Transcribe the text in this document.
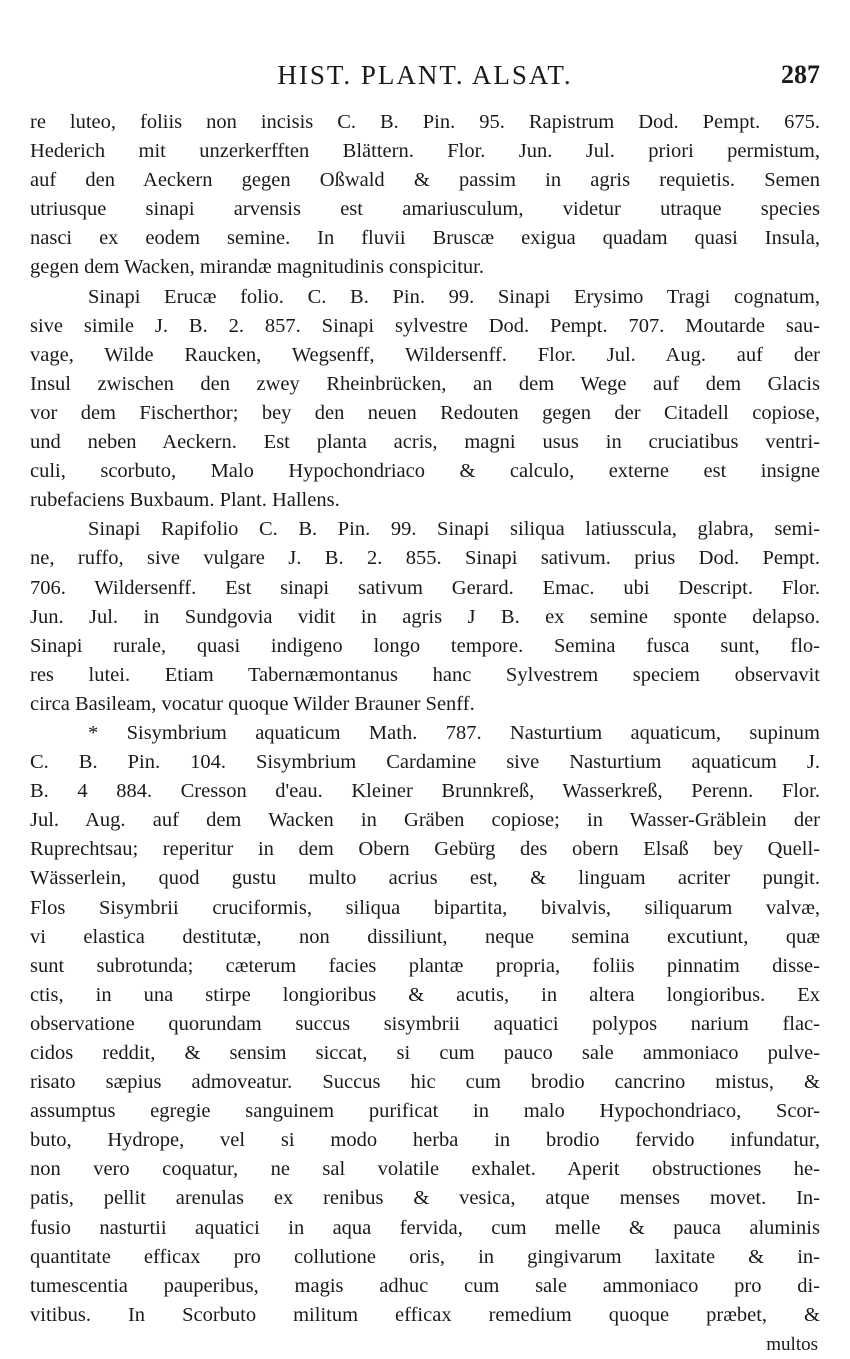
HIST. PLANT. ALSAT.	287
re luteo, foliis non incisis C. B. Pin. 95. Rapistrum Dod. Pempt. 675.
Hederich mit unzerkerfften Blättern. Flor. Jun. Jul. priori permistum,
auf den Aeckern gegen Oßwald & passim in agris requietis. Semen
utriusque sinapi arvensis est amariusculum, videtur utraque species
nasci ex eodem semine. In fluvii Bruscæ exigua quadam quasi Insula,
gegen dem Wacken, mirandæ magnitudinis conspicitur.
Sinapi Erucæ folio. C. B. Pin. 99. Sinapi Erysimo Tragi cognatum,
sive simile J. B. 2. 857. Sinapi sylvestre Dod. Pempt. 707. Moutarde sau-
vage, Wilde Raucken, Wegsenff, Wildersenff. Flor. Jul. Aug. auf der
Insul zwischen den zwey Rheinbrücken, an dem Wege auf dem Glacis
vor dem Fischerthor; bey den neuen Redouten gegen der Citadell copiose,
und neben Aeckern. Est planta acris, magni usus in cruciatibus ventri-
culi, scorbuto, Malo Hypochondriaco & calculo, externe est insigne
rubefaciens Buxbaum. Plant. Hallens.
Sinapi Rapifolio C. B. Pin. 99. Sinapi siliqua latiusscula, glabra, semi-
ne, ruffo, sive vulgare J. B. 2. 855. Sinapi sativum. prius Dod. Pempt.
706. Wildersenff. Est sinapi sativum Gerard. Emac. ubi Descript. Flor.
Jun. Jul. in Sundgovia vidit in agris J B. ex semine sponte delapso.
Sinapi rurale, quasi indigeno longo tempore. Semina fusca sunt, flo-
res lutei. Etiam Tabernæmontanus hanc Sylvestrem speciem observavit
circa Basileam, vocatur quoque Wilder Brauner Senff.
* Sisymbrium aquaticum Math. 787. Nasturtium aquaticum, supinum
C. B. Pin. 104. Sisymbrium Cardamine sive Nasturtium aquaticum J.
B. 4 884. Cresson d'eau. Kleiner Brunnkreß, Wasserkreß, Perenn. Flor.
Jul. Aug. auf dem Wacken in Gräben copiose; in Wasser-Gräblein der
Ruprechtsau; reperitur in dem Obern Gebürg des obern Elsaß bey Quell-
Wässerlein, quod gustu multo acrius est, & linguam acriter pungit.
Flos Sisymbrii cruciformis, siliqua bipartita, bivalvis, siliquarum valvæ,
vi elastica destitutæ, non dissiliunt, neque semina excutiunt, quæ
sunt subrotunda; cæterum facies plantæ propria, foliis pinnatim disse-
ctis, in una stirpe longioribus & acutis, in altera longioribus. Ex
observatione quorundam succus sisymbrii aquatici polypos narium flac-
cidos reddit, & sensim siccat, si cum pauco sale ammoniaco pulve-
risato sæpius admoveatur. Succus hic cum brodio cancrino mistus, &
assumptus egregie sanguinem purificat in malo Hypochondriaco, Scor-
buto, Hydrope, vel si modo herba in brodio fervido infundatur,
non vero coquatur, ne sal volatile exhalet. Aperit obstructiones he-
patis, pellit arenulas ex renibus & vesica, atque menses movet. In-
fusio nasturtii aquatici in aqua fervida, cum melle & pauca aluminis
quantitate efficax pro collutione oris, in gingivarum laxitate & in-
tumescentia pauperibus, magis adhuc cum sale ammoniaco pro di-
vitibus. In Scorbuto militum efficax remedium quoque præbet, &
multos
